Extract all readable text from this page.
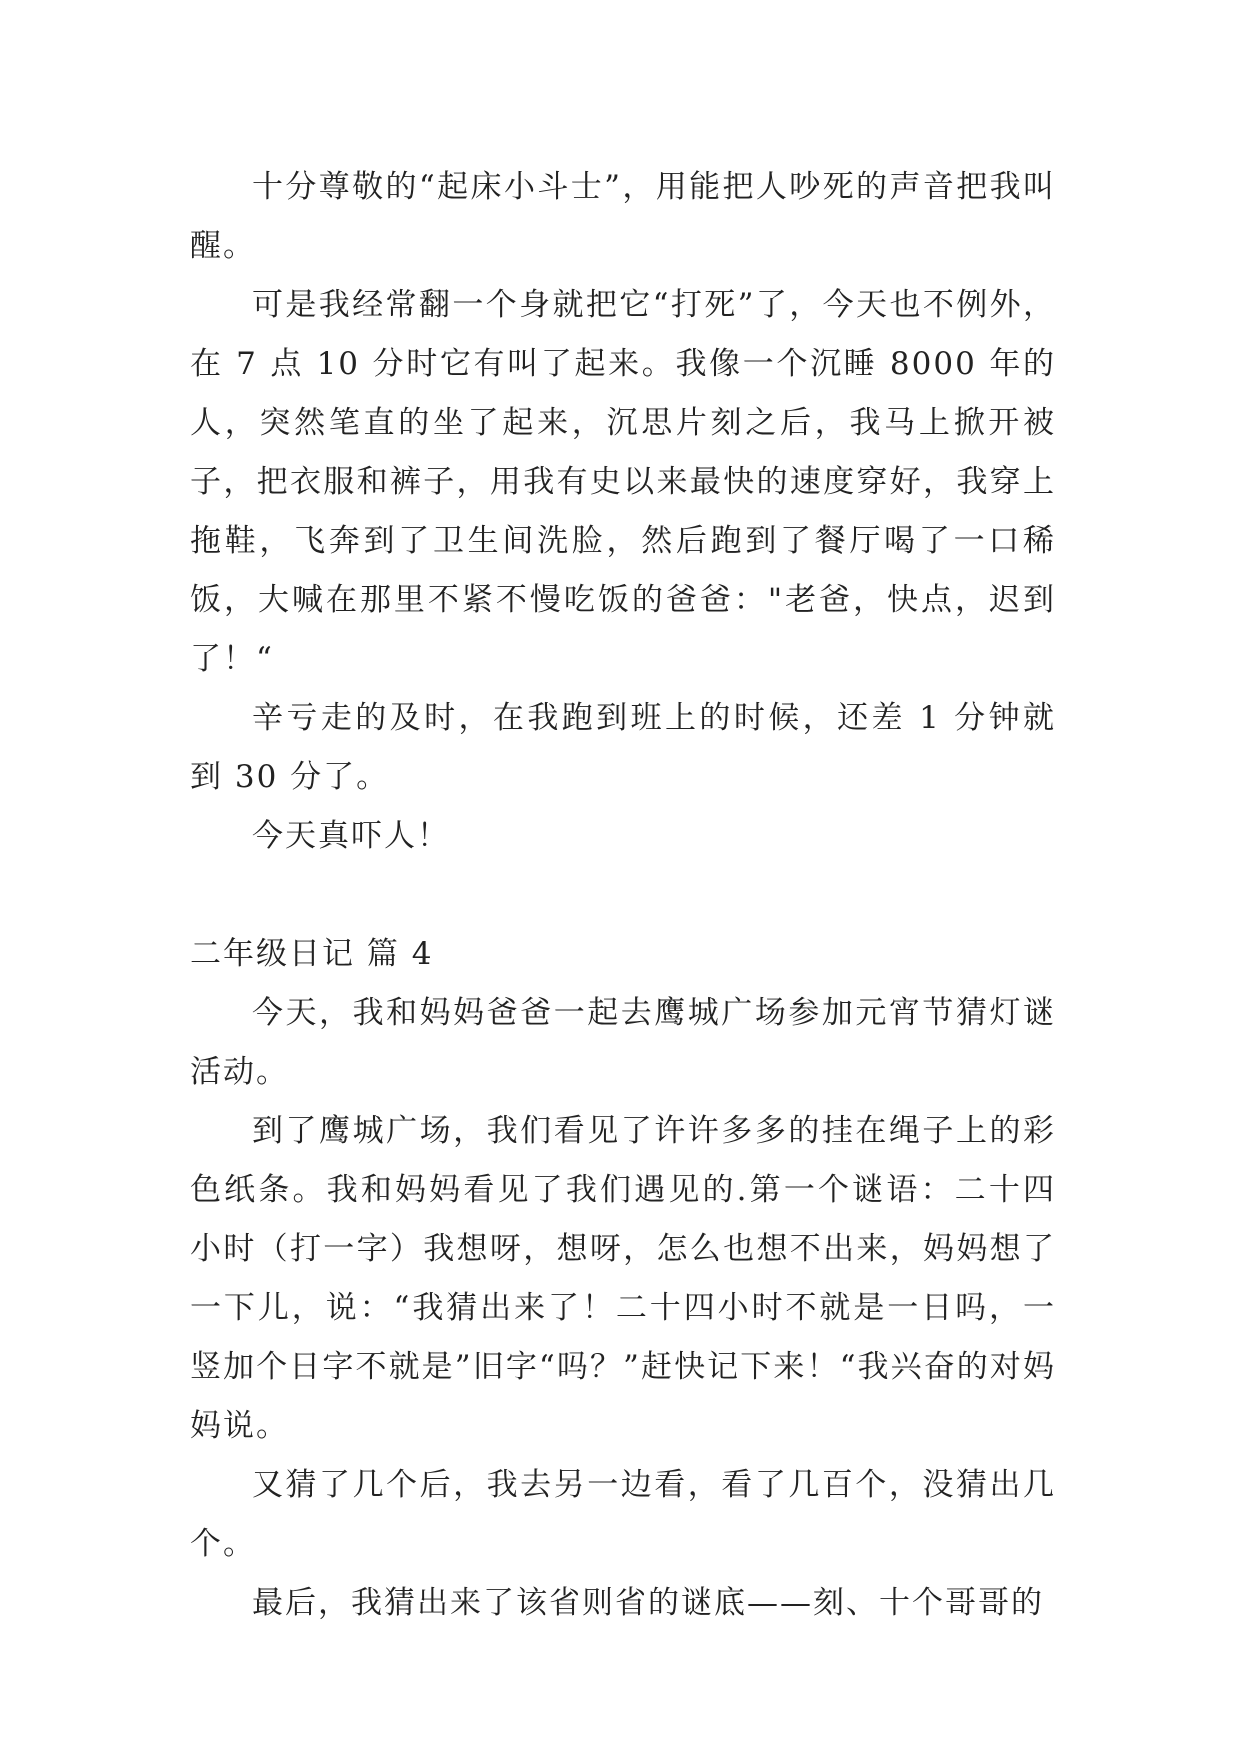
十分尊敬的“起床小斗士”，用能把人吵死的声音把我叫醒。

可是我经常翻一个身就把它“打死”了，今天也不例外，在 7 点 10 分时它有叫了起来。我像一个沉睡 8000 年的人，突然笔直的坐了起来，沉思片刻之后，我马上掀开被子，把衣服和裤子，用我有史以来最快的速度穿好，我穿上拖鞋，飞奔到了卫生间洗脸，然后跑到了餐厅喝了一口稀饭，大喊在那里不紧不慢吃饭的爸爸："老爸，快点，迟到了！“

辛亏走的及时，在我跑到班上的时候，还差 1 分钟就到 30 分了。

今天真吓人！

二年级日记 篇 4

今天，我和妈妈爸爸一起去鹰城广场参加元宵节猜灯谜活动。

到了鹰城广场，我们看见了许许多多的挂在绳子上的彩色纸条。我和妈妈看见了我们遇见的.第一个谜语：二十四小时（打一字）我想呀，想呀，怎么也想不出来，妈妈想了一下儿，说：“我猜出来了！二十四小时不就是一日吗，一竖加个日字不就是”旧字“吗？”赶快记下来！“我兴奋的对妈妈说。

又猜了几个后，我去另一边看，看了几百个，没猜出几个。

最后，我猜出来了该省则省的谜底——刻、十个哥哥的
